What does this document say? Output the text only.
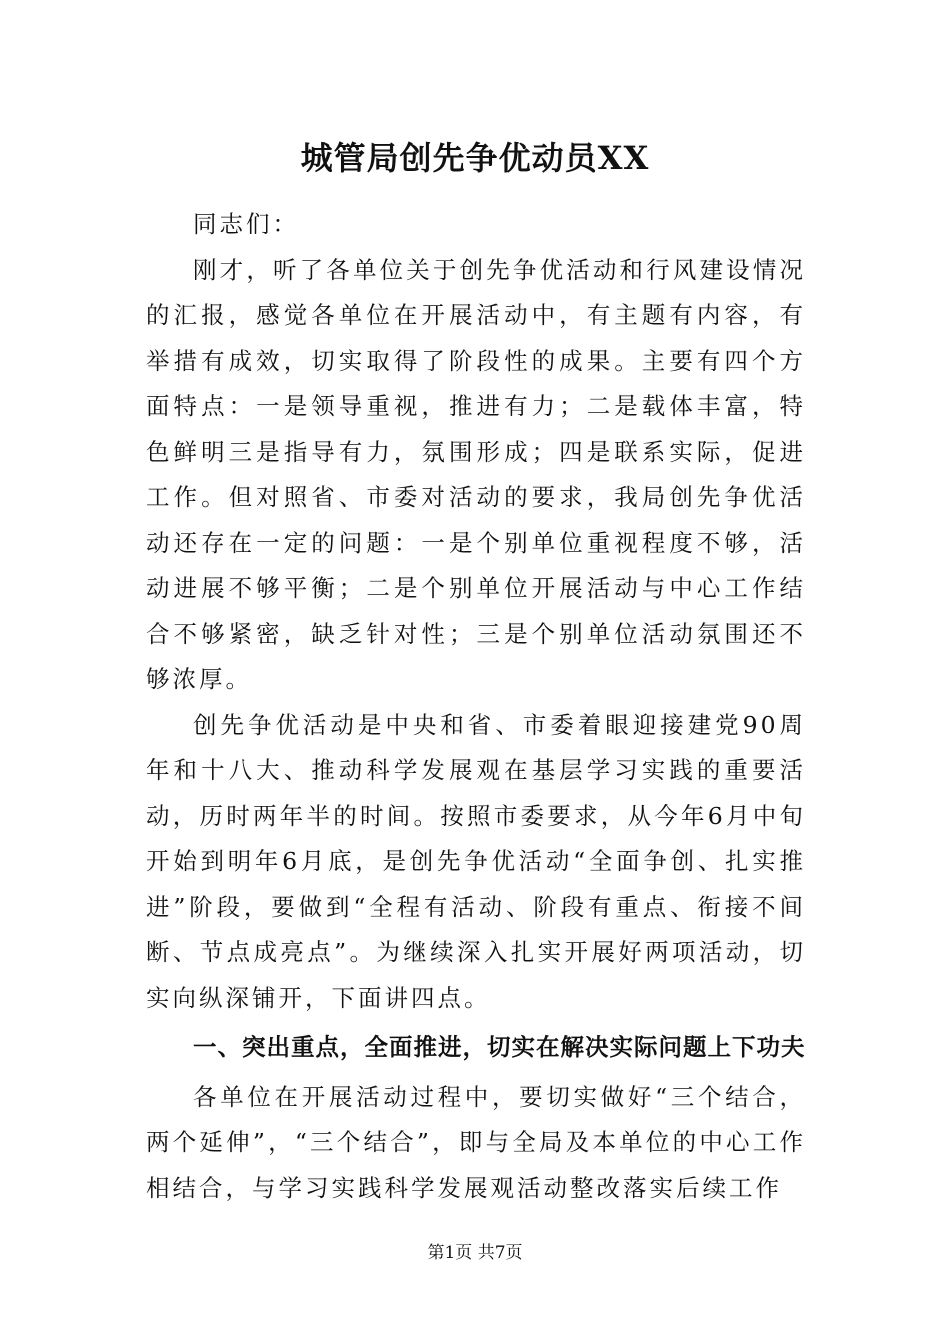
城管局创先争优动员XX

同志们：

刚才，听了各单位关于创先争优活动和行风建设情况的汇报，感觉各单位在开展活动中，有主题有内容，有举措有成效，切实取得了阶段性的成果。主要有四个方面特点：一是领导重视，推进有力；二是载体丰富，特色鲜明三是指导有力，氛围形成；四是联系实际，促进工作。但对照省、市委对活动的要求，我局创先争优活动还存在一定的问题：一是个别单位重视程度不够，活动进展不够平衡；二是个别单位开展活动与中心工作结合不够紧密，缺乏针对性；三是个别单位活动氛围还不够浓厚。

创先争优活动是中央和省、市委着眼迎接建党90周年和十八大、推动科学发展观在基层学习实践的重要活动，历时两年半的时间。按照市委要求，从今年6月中旬开始到明年6月底，是创先争优活动“全面争创、扎实推进”阶段，要做到“全程有活动、阶段有重点、衔接不间断、节点成亮点”。为继续深入扎实开展好两项活动，切实向纵深铺开，下面讲四点。

一、突出重点，全面推进，切实在解决实际问题上下功夫

各单位在开展活动过程中，要切实做好“三个结合，两个延伸”，“三个结合”，即与全局及本单位的中心工作相结合，与学习实践科学发展观活动整改落实后续工作

第1页 共7页
